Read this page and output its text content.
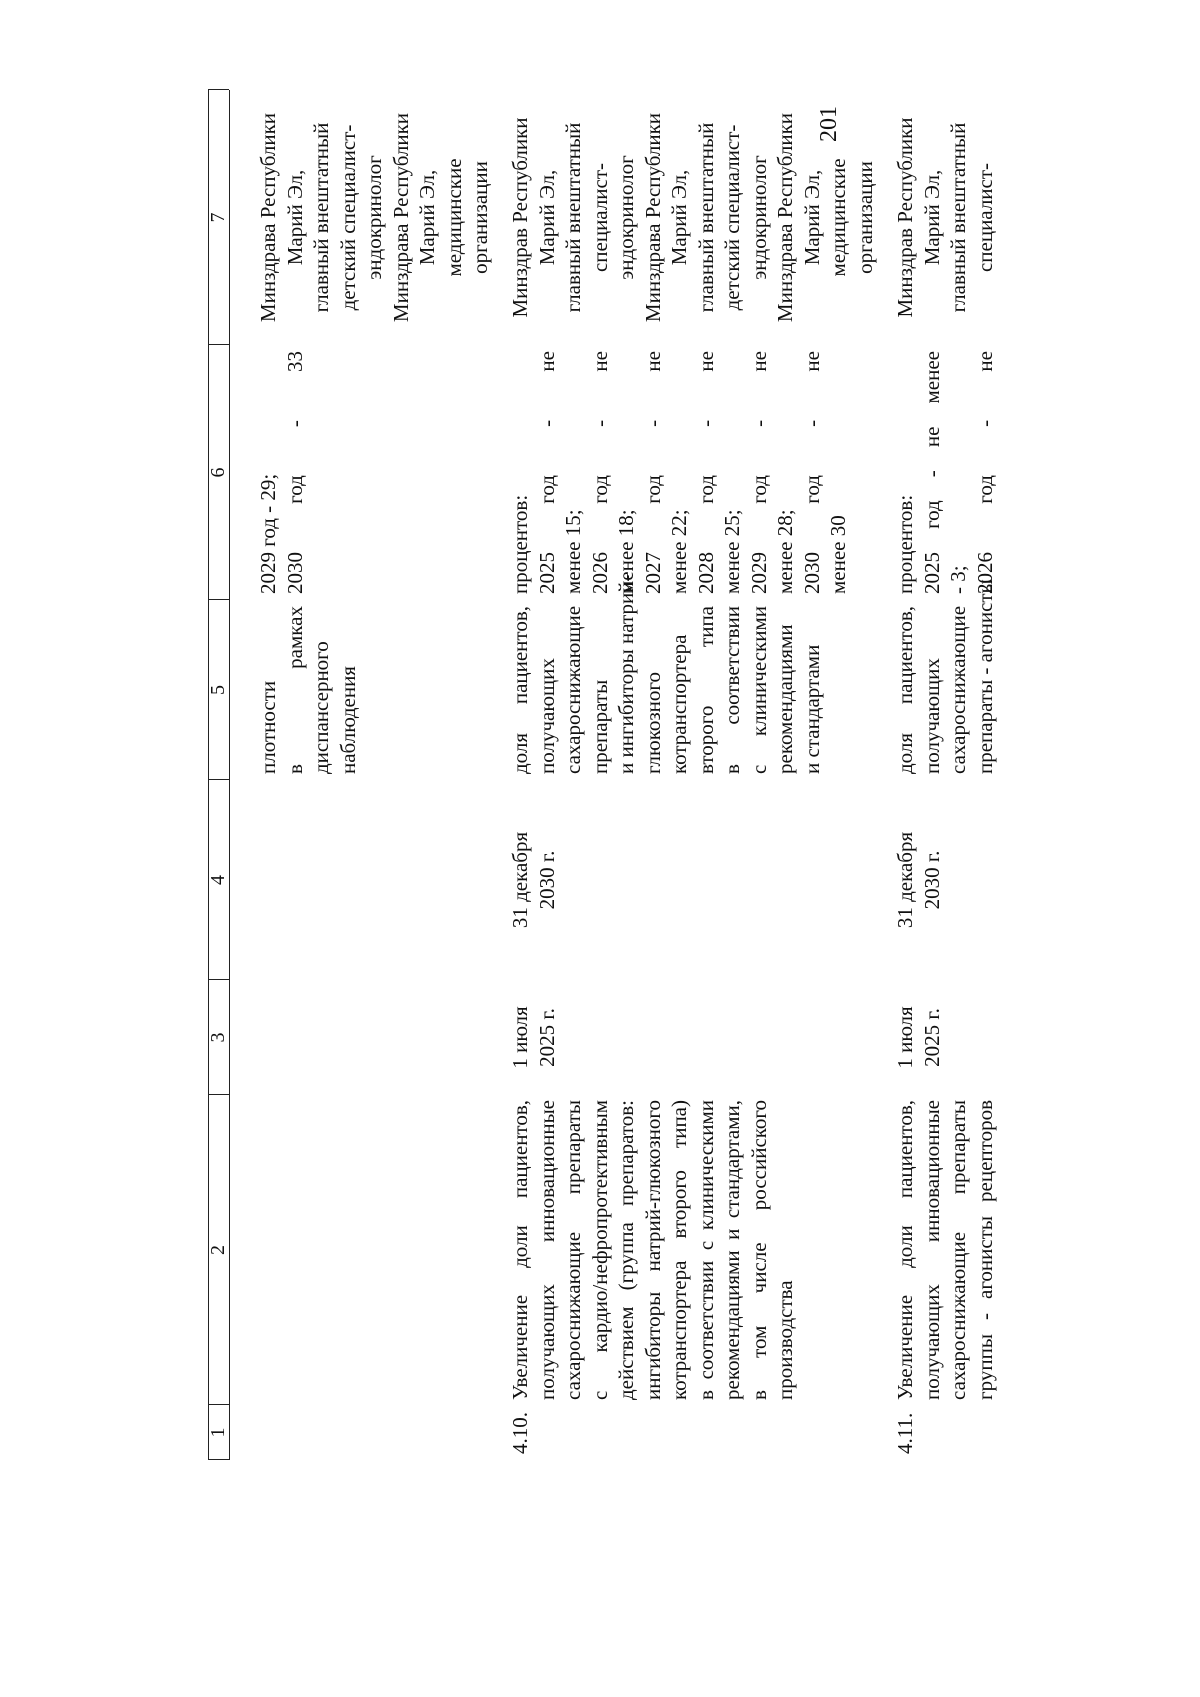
201
1
2
3
4
5
6
7
плотности в рамках диспансерного наблюдения
2029 год - 29; 2030 год - 33
Минздрава Республики Марий Эл, главный внештатный детский специалист- эндокринолог Минздрава Республики Марий Эл, медицинские организации
4.10.
Увеличение доли пациентов, получающих инновационные сахароснижающие препараты с кардио/нефропротективным действием (группа препаратов: ингибиторы натрий-глюкозного котранспортера второго типа) в соответствии с клиническими рекомендациями и стандартами, в том числе российского производства
1 июля 2025 г.
31 декабря 2030 г.
доля пациентов, получающих сахароснижающие препараты и ингибиторы натрий- глюкозного котранспортера второго типа в соответствии с клиническими рекомендациями и стандартами
процентов: 2025 год - не менее 15; 2026 год - не менее 18; 2027 год - не менее 22; 2028 год - не менее 25; 2029 год - не менее 28; 2030 год - не менее 30
Минздрав Республики Марий Эл, главный внештатный специалист- эндокринолог Минздрава Республики Марий Эл, главный внештатный детский специалист- эндокринолог Минздрава Республики Марий Эл, медицинские организации
4.11.
Увеличение доли пациентов, получающих инновационные сахароснижающие препараты группы - агонисты рецепторов
1 июля 2025 г.
31 декабря 2030 г.
доля пациентов, получающих сахароснижающие препараты - агонисты
процентов: 2025 год - не менее - 3; 2026 год - не
Минздрав Республики Марий Эл, главный внештатный специалист-
